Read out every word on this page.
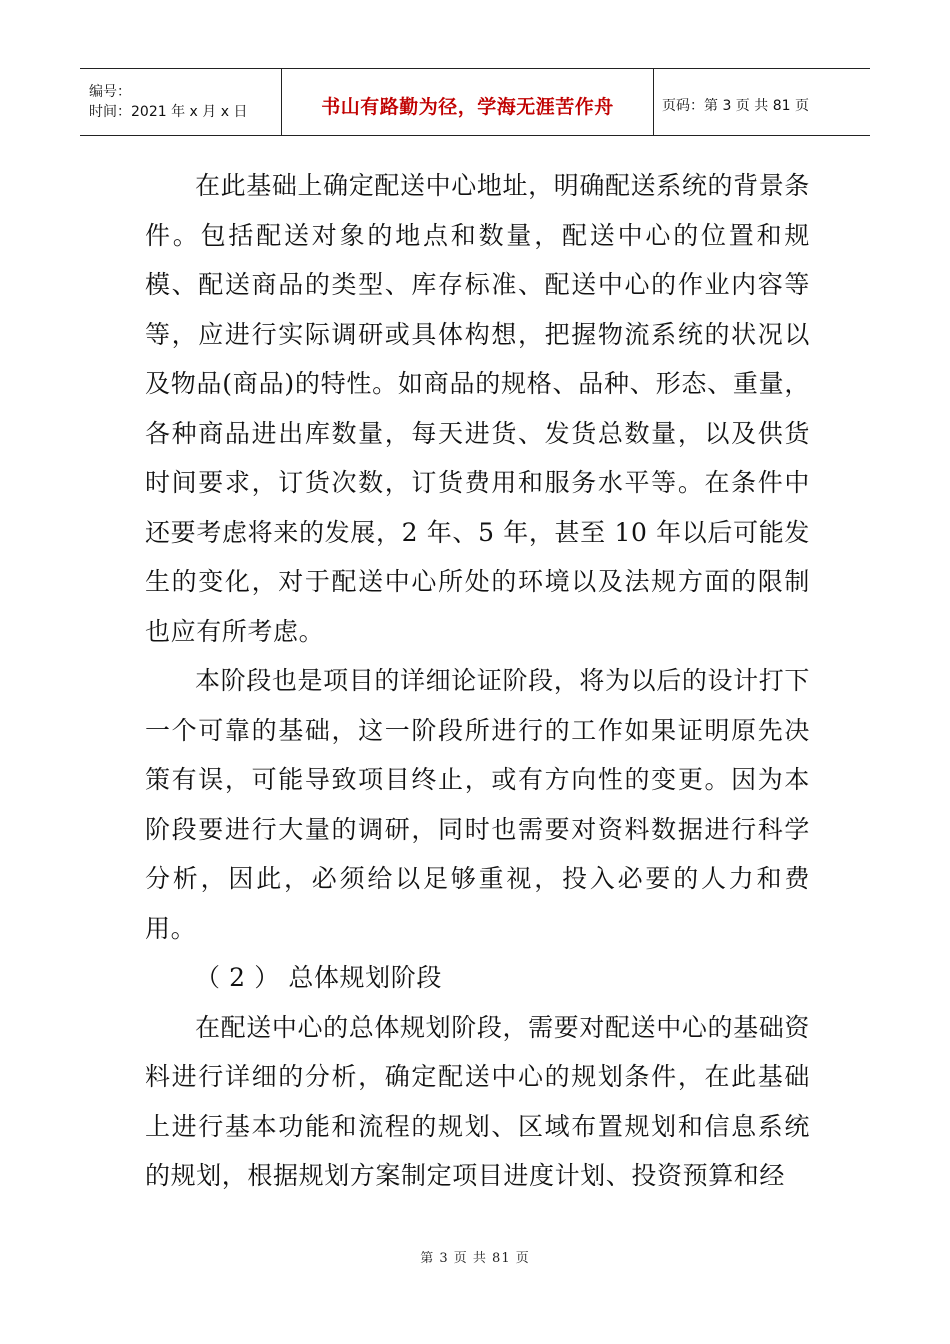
编号：
时间：2021 年 x 月 x 日	书山有路勤为径，学海无涯苦作舟	页码：第 3 页 共 81 页

在此基础上确定配送中心地址，明确配送系统的背景条件。包括配送对象的地点和数量，配送中心的位置和规模、配送商品的类型、库存标准、配送中心的作业内容等等，应进行实际调研或具体构想，把握物流系统的状况以及物品(商品)的特性。如商品的规格、品种、形态、重量，各种商品进出库数量，每天进货、发货总数量，以及供货时间要求，订货次数，订货费用和服务水平等。在条件中还要考虑将来的发展，2 年、5 年，甚至 10 年以后可能发生的变化，对于配送中心所处的环境以及法规方面的限制也应有所考虑。

本阶段也是项目的详细论证阶段，将为以后的设计打下一个可靠的基础，这一阶段所进行的工作如果证明原先决策有误，可能导致项目终止，或有方向性的变更。因为本阶段要进行大量的调研，同时也需要对资料数据进行科学分析，因此，必须给以足够重视，投入必要的人力和费用。

（ 2 ） 总体规划阶段

在配送中心的总体规划阶段，需要对配送中心的基础资料进行详细的分析，确定配送中心的规划条件，在此基础上进行基本功能和流程的规划、区域布置规划和信息系统的规划，根据规划方案制定项目进度计划、投资预算和经

第 3 页 共 81 页
